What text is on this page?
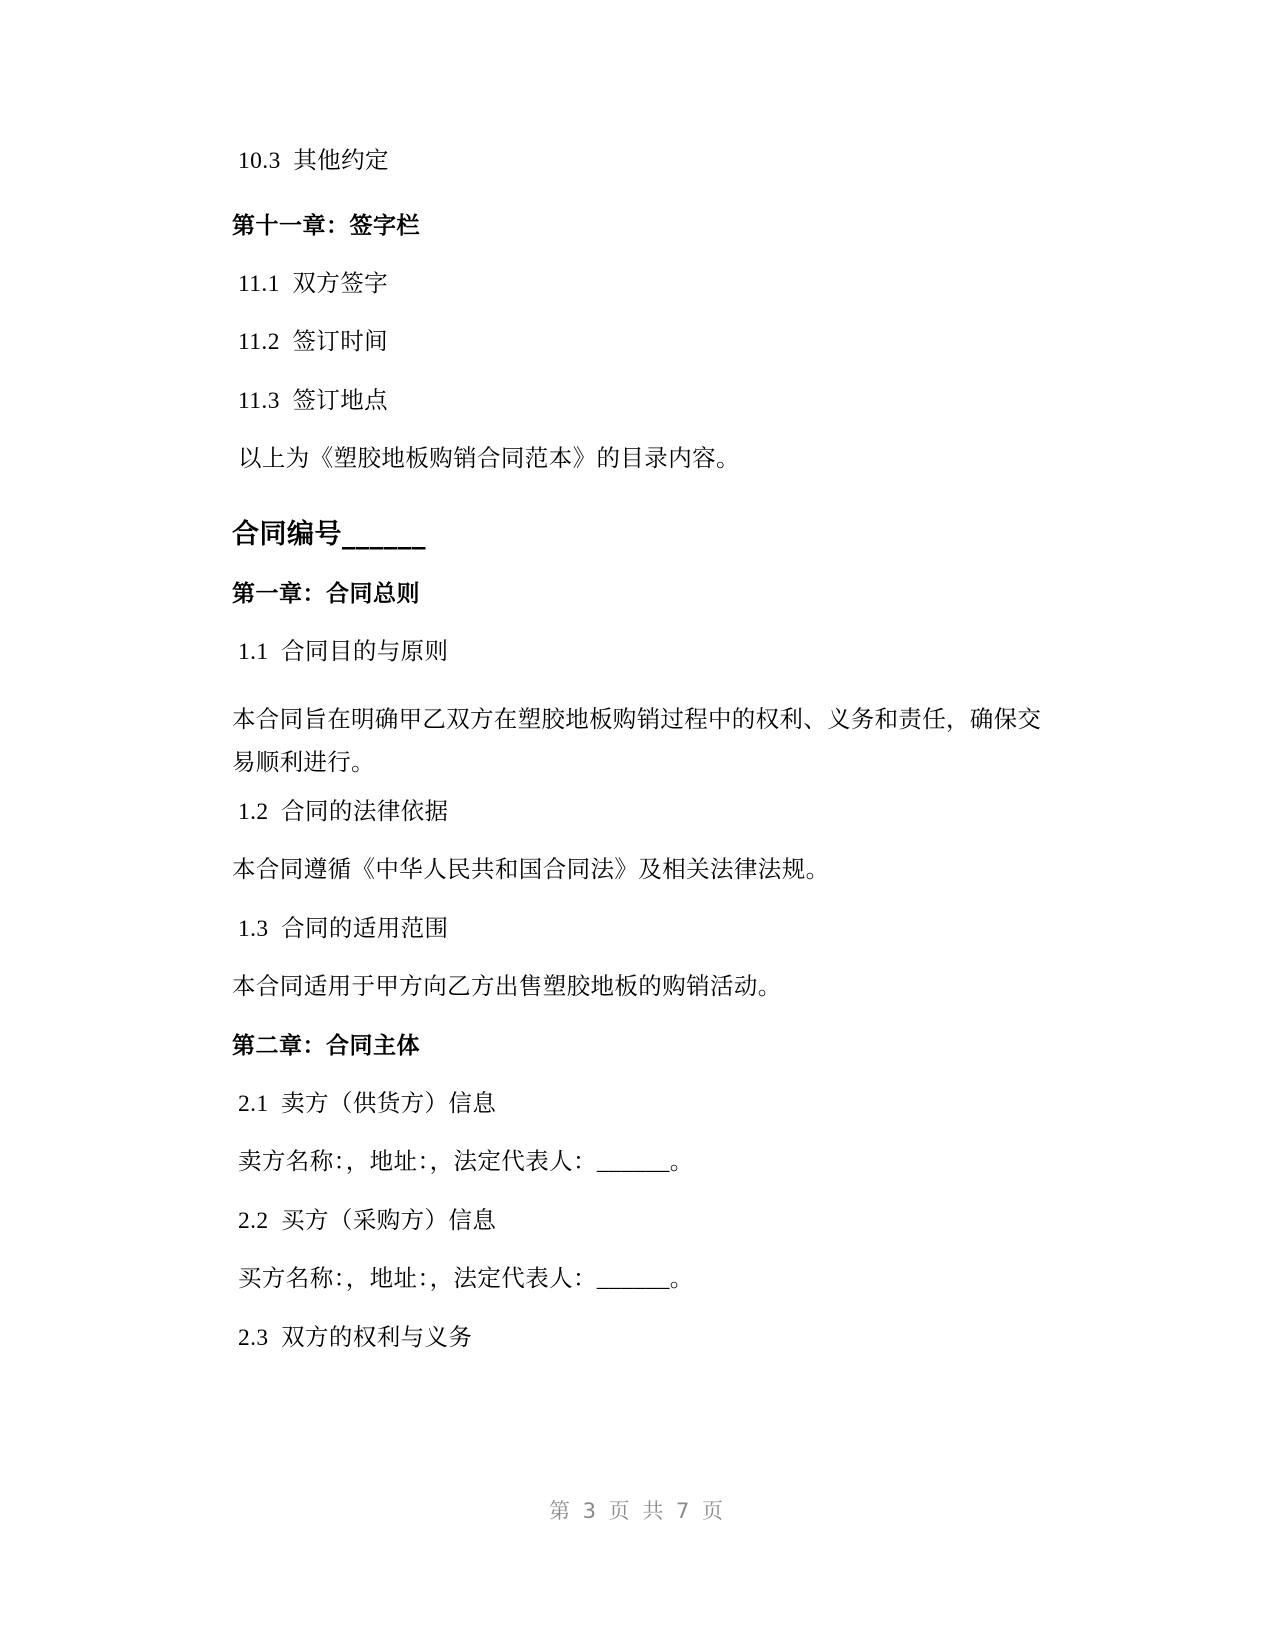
10.3  其他约定

第十一章：签字栏

11.1  双方签字

11.2  签订时间

11.3  签订地点

以上为《塑胶地板购销合同范本》的目录内容。

合同编号______

第一章：合同总则

1.1  合同目的与原则

本合同旨在明确甲乙双方在塑胶地板购销过程中的权利、义务和责任，确保交易顺利进行。

1.2  合同的法律依据

本合同遵循《中华人民共和国合同法》及相关法律法规。

1.3  合同的适用范围

本合同适用于甲方向乙方出售塑胶地板的购销活动。

第二章：合同主体

2.1  卖方（供货方）信息

卖方名称：，地址：，法定代表人：______。

2.2  买方（采购方）信息

买方名称：，地址：，法定代表人：______。

2.3  双方的权利与义务

第 3 页 共 7 页
